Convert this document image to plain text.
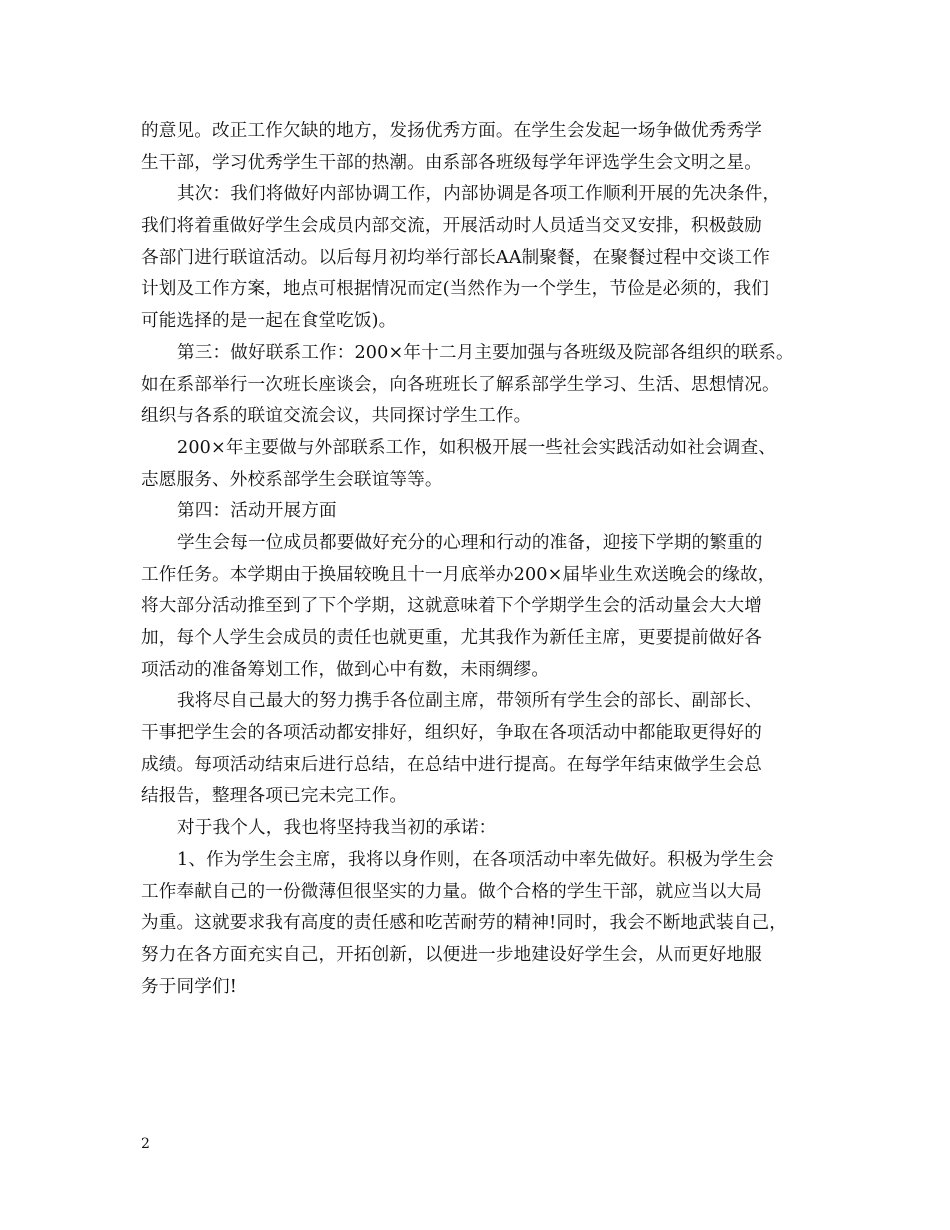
的意见。改正工作欠缺的地方，发扬优秀方面。在学生会发起一场争做优秀秀学
生干部，学习优秀学生干部的热潮。由系部各班级每学年评选学生会文明之星。
其次：我们将做好内部协调工作，内部协调是各项工作顺利开展的先决条件，
我们将着重做好学生会成员内部交流，开展活动时人员适当交叉安排，积极鼓励
各部门进行联谊活动。以后每月初均举行部长AA制聚餐，在聚餐过程中交谈工作
计划及工作方案，地点可根据情况而定(当然作为一个学生，节俭是必须的，我们
可能选择的是一起在食堂吃饭)。
第三：做好联系工作：200×年十二月主要加强与各班级及院部各组织的联系。
如在系部举行一次班长座谈会，向各班班长了解系部学生学习、生活、思想情况。
组织与各系的联谊交流会议，共同探讨学生工作。
200×年主要做与外部联系工作，如积极开展一些社会实践活动如社会调查、
志愿服务、外校系部学生会联谊等等。
第四：活动开展方面
学生会每一位成员都要做好充分的心理和行动的准备，迎接下学期的繁重的
工作任务。本学期由于换届较晚且十一月底举办200×届毕业生欢送晚会的缘故，
将大部分活动推至到了下个学期，这就意味着下个学期学生会的活动量会大大增
加，每个人学生会成员的责任也就更重，尤其我作为新任主席，更要提前做好各
项活动的准备筹划工作，做到心中有数，未雨绸缪。
我将尽自己最大的努力携手各位副主席，带领所有学生会的部长、副部长、
干事把学生会的各项活动都安排好，组织好，争取在各项活动中都能取更得好的
成绩。每项活动结束后进行总结，在总结中进行提高。在每学年结束做学生会总
结报告，整理各项已完未完工作。
对于我个人，我也将坚持我当初的承诺：
1、作为学生会主席，我将以身作则，在各项活动中率先做好。积极为学生会
工作奉献自己的一份微薄但很坚实的力量。做个合格的学生干部，就应当以大局
为重。这就要求我有高度的责任感和吃苦耐劳的精神!同时，我会不断地武装自己，
努力在各方面充实自己，开拓创新，以便进一步地建设好学生会，从而更好地服
务于同学们!
2
